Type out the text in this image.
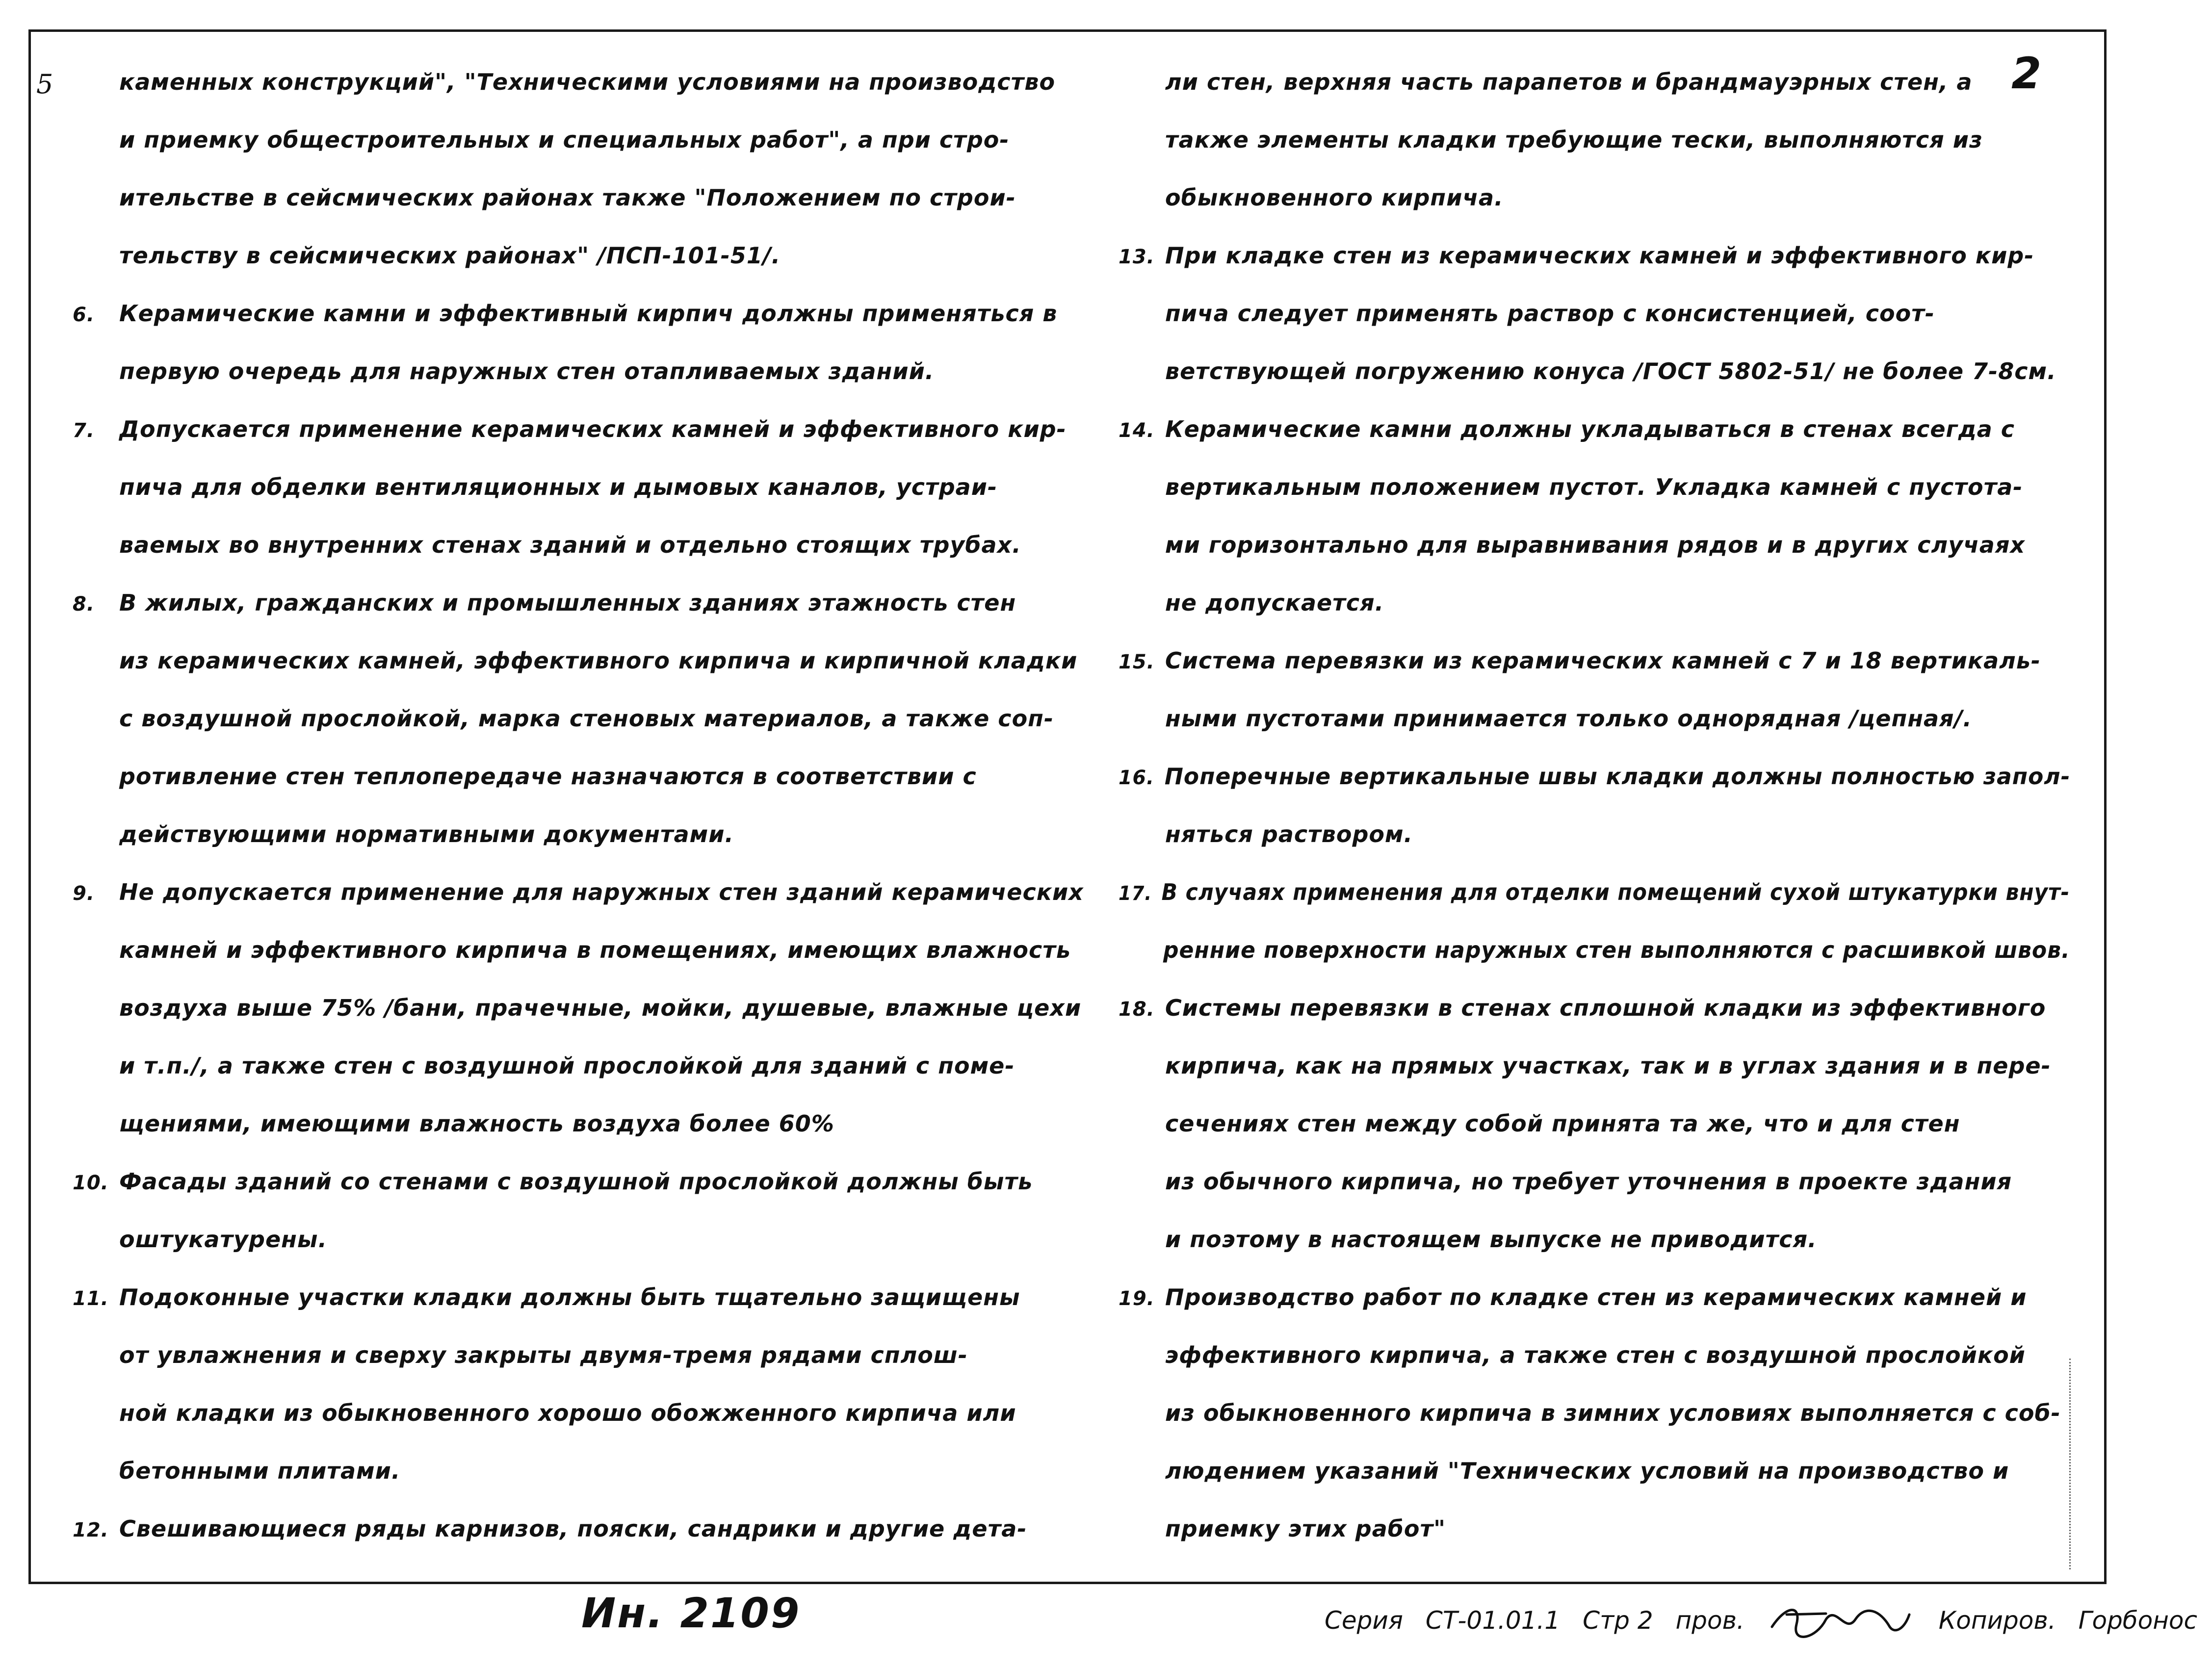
5	2
каменных конструкций", "Техническими условиями на производство
и приемку общестроительных и специальных работ", а при стро-
ительстве в сейсмических районах также "Положением по строи-
тельству в сейсмических районах" /ПСП-101-51/.
6. Керамические камни и эффективный кирпич должны применяться в
первую очередь для наружных стен отапливаемых зданий.
7. Допускается применение керамических камней и эффективного кир-
пича для обделки вентиляционных и дымовых каналов, устраи-
ваемых во внутренних стенах зданий и отдельно стоящих трубах.
8. В жилых, гражданских и промышленных зданиях этажность стен
из керамических камней, эффективного кирпича и кирпичной кладки
с воздушной прослойкой, марка стеновых материалов, а также соп-
ротивление стен теплопередаче назначаются в соответствии с
действующими нормативными документами.
9. Не допускается применение для наружных стен зданий керамических
камней и эффективного кирпича в помещениях, имеющих влажность
воздуха выше 75% /бани, прачечные, мойки, душевые, влажные цехи
и т.п./, а также стен с воздушной прослойкой для зданий с поме-
щениями, имеющими влажность воздуха более 60%
10. Фасады зданий со стенами с воздушной прослойкой должны быть
оштукатурены.
11. Подоконные участки кладки должны быть тщательно защищены
от увлажнения и сверху закрыты двумя-тремя рядами сплош-
ной кладки из обыкновенного хорошо обожженного кирпича или
бетонными плитами.
12. Свешивающиеся ряды карнизов, пояски, сандрики и другие дета-
ли стен, верхняя часть парапетов и брандмауэрных стен, а
также элементы кладки требующие тески, выполняются из
обыкновенного кирпича.
13. При кладке стен из керамических камней и эффективного кир-
пича следует применять раствор с консистенцией, соот-
ветствующей погружению конуса /ГОСТ 5802-51/ не более 7-8см.
14. Керамические камни должны укладываться в стенах всегда с
вертикальным положением пустот. Укладка камней с пустота-
ми горизонтально для выравнивания рядов и в других случаях
не допускается.
15. Система перевязки из керамических камней с 7 и 18 вертикаль-
ными пустотами принимается только однорядная /цепная/.
16. Поперечные вертикальные швы кладки должны полностью запол-
няться раствором.
17. В случаях применения для отделки помещений сухой штукатурки внут-
ренние поверхности наружных стен выполняются с расшивкой швов.
18. Системы перевязки в стенах сплошной кладки из эффективного
кирпича, как на прямых участках, так и в углах здания и в пере-
сечениях стен между собой принята та же, что и для стен
из обычного кирпича, но требует уточнения в проекте здания
и поэтому в настоящем выпуске не приводится.
19. Производство работ по кладке стен из керамических камней и
эффективного кирпича, а также стен с воздушной прослойкой
из обыкновенного кирпича в зимних условиях выполняется с соб-
людением указаний "Технических условий на производство и
приемку этих работ"
Ин. 2109	Серия СТ-01.01.1 Стр 2 пров.	Копиров. Горбонос
